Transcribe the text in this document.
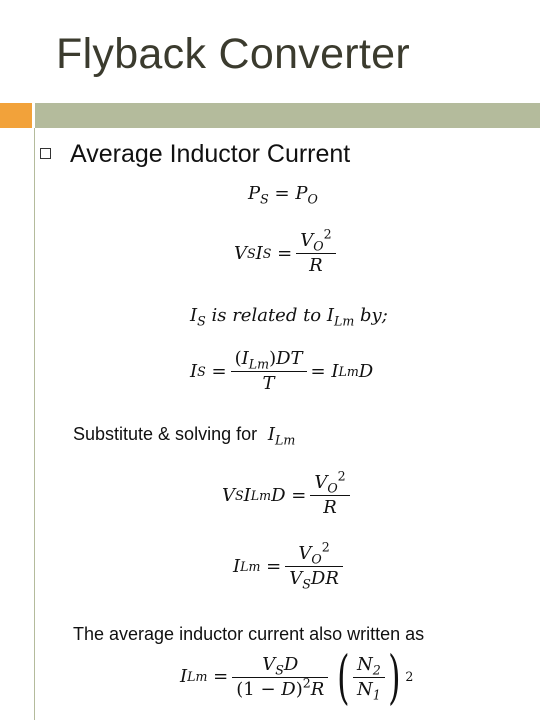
Flyback Converter
Average Inductor Current
$P_S = P_O$
V S I S
= $\frac{V_O^2}{R}$
$I_S$ is related to $I_{Lm}$ by;
I S
= $\frac{(I_{Lm})DT}{T} = I$ Lm D
Substitute & solving for  $I_{Lm}$
V S I Lm $D = \frac{V_O^2}{R}$
I Lm
= $\frac{V_O^2}{V_SDR}$
The average inductor current also written as
I Lm
= $\frac{V_SD}{(1 - D)^2R}$ ( $\frac{N_2}{N_1}$ ) 2
